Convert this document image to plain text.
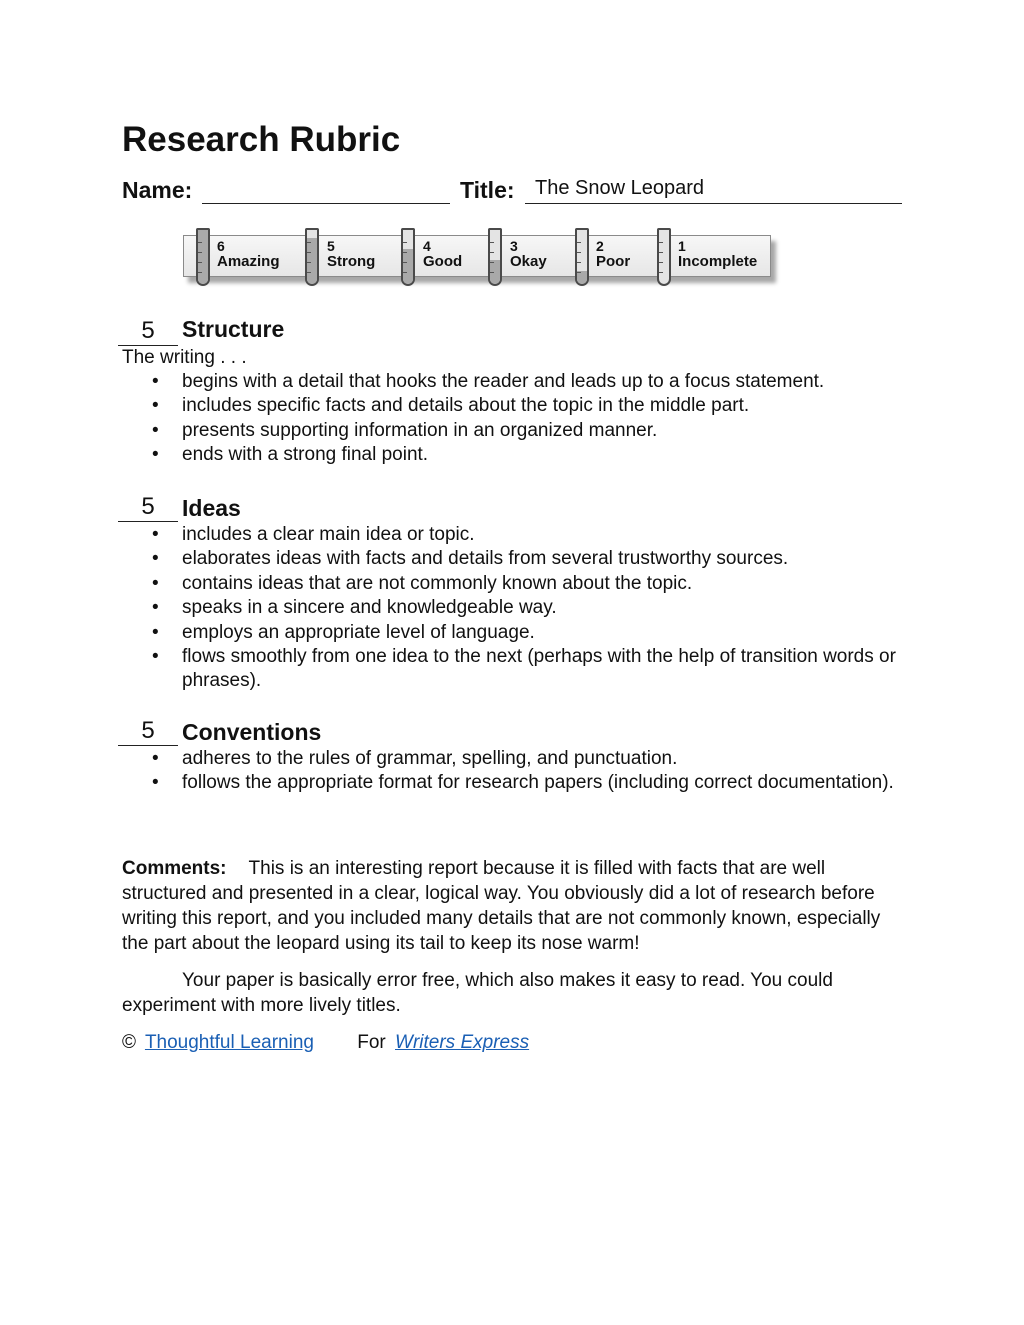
Research Rubric
Name:	Title: The Snow Leopard
6
Amazing
5
Strong
4
Good
3
Okay
2
Poor
1
Incomplete
5	Structure
The writing . . .
• begins with a detail that hooks the reader and leads up to a focus statement.
• includes specific facts and details about the topic in the middle part.
• presents supporting information in an organized manner.
• ends with a strong final point.
5	Ideas
• includes a clear main idea or topic.
• elaborates ideas with facts and details from several trustworthy sources.
• contains ideas that are not commonly known about the topic.
• speaks in a sincere and knowledgeable way.
• employs an appropriate level of language.
• flows smoothly from one idea to the next (perhaps with the help of transition words or phrases).
5	Conventions
• adheres to the rules of grammar, spelling, and punctuation.
• follows the appropriate format for research papers (including correct documentation).

Comments: This is an interesting report because it is filled with facts that are well structured and presented in a clear, logical way. You obviously did a lot of research before writing this report, and you included many details that are not commonly known, especially the part about the leopard using its tail to keep its nose warm!

Your paper is basically error free, which also makes it easy to read. You could experiment with more lively titles.

© Thoughtful Learning For Writers Express
